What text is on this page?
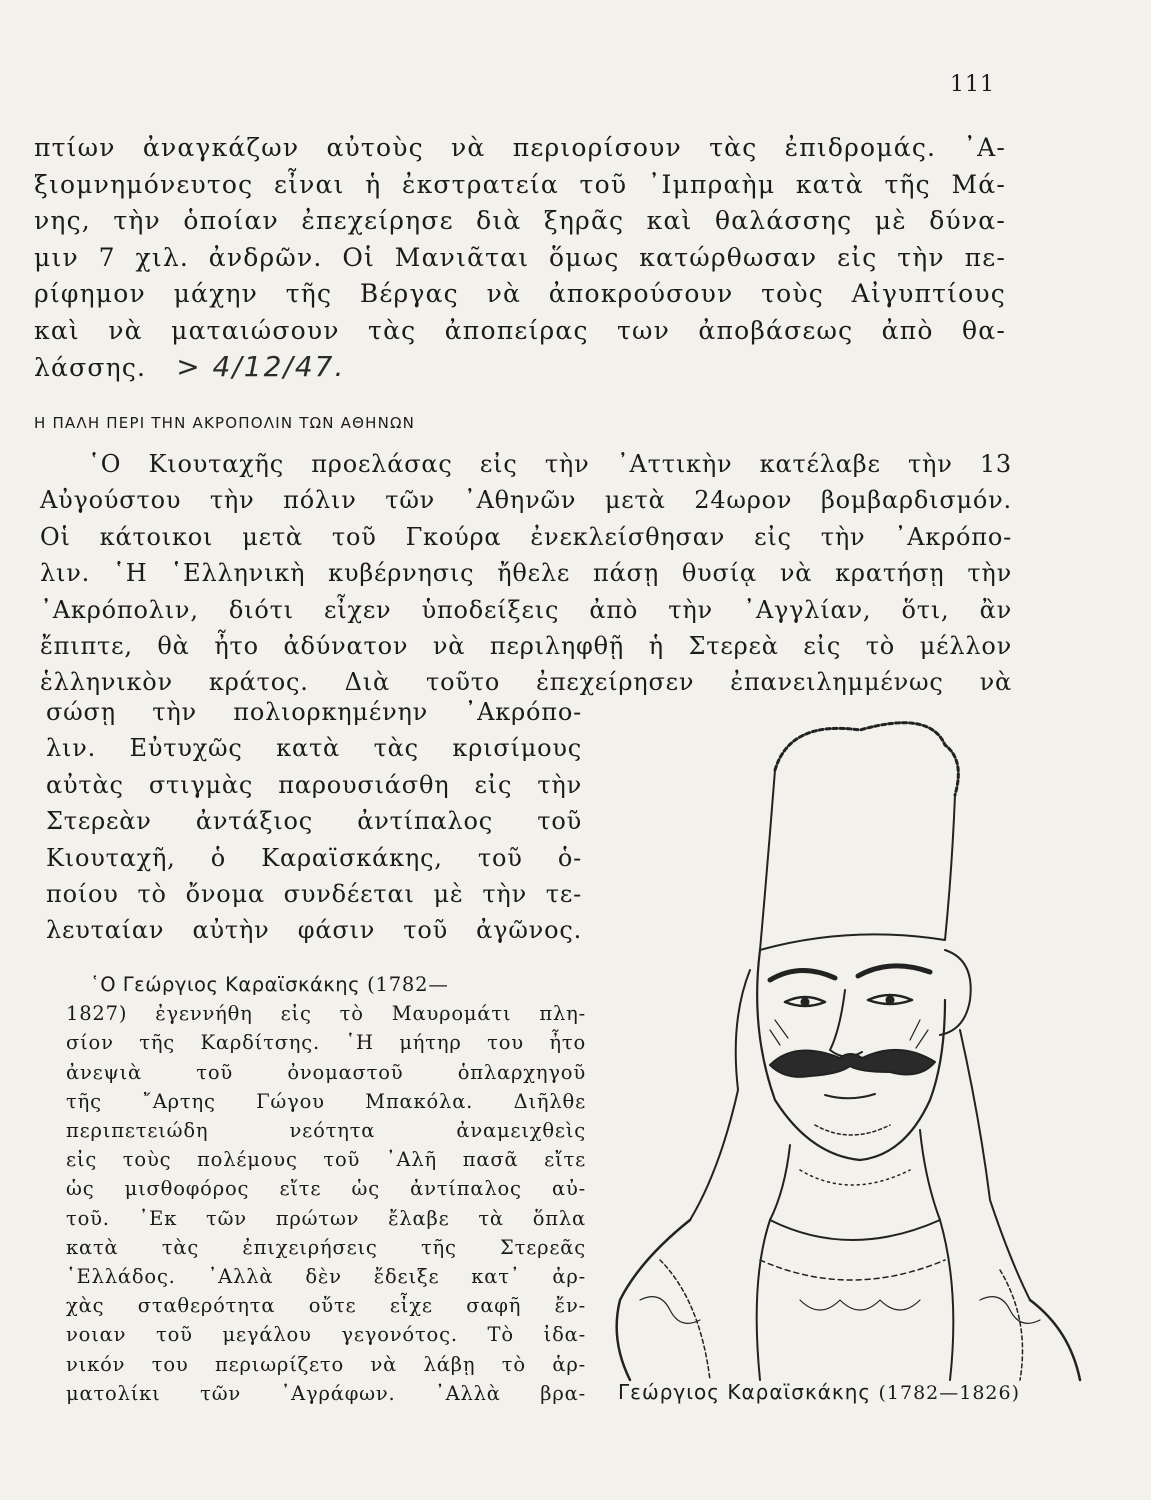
111
πτίων ἀναγκάζων αὐτοὺς νὰ περιορίσουν τὰς ἐπιδρομάς. ᾿Α-
ξιομνημόνευτος εἶναι ἡ ἐκστρατεία τοῦ ᾿Ιμπραὴμ κατὰ τῆς Μά-
νης, τὴν ὁποίαν ἐπεχείρησε διὰ ξηρᾶς καὶ θαλάσσης μὲ δύνα-
μιν 7 χιλ. ἀνδρῶν. Οἱ Μανιᾶται ὅμως κατώρθωσαν εἰς τὴν πε-
ρίφημον μάχην τῆς Βέργας νὰ ἀποκρούσουν τοὺς Αἰγυπτίους
καὶ νὰ ματαιώσουν τὰς ἀποπείρας των ἀποβάσεως ἀπὸ θα-
λάσσης. > 4/12/47.
Η ΠΑΛΗ ΠΕΡΙ ΤΗΝ ΑΚΡΟΠΟΛΙΝ ΤΩΝ ΑΘΗΝΩΝ
῾Ο Κιουταχῆς προελάσας εἰς τὴν ᾿Αττικὴν κατέλαβε τὴν 13
Αὐγούστου τὴν πόλιν τῶν ᾿Αθηνῶν μετὰ 24ωρον βομβαρδισμόν.
Οἱ κάτοικοι μετὰ τοῦ Γκούρα ἐνεκλείσθησαν εἰς τὴν ᾿Ακρόπο-
λιν. ῾Η ῾Ελληνικὴ κυβέρνησις ἤθελε πάσῃ θυσίᾳ νὰ κρατήσῃ τὴν
᾿Ακρόπολιν, διότι εἶχεν ὑποδείξεις ἀπὸ τὴν ᾿Αγγλίαν, ὅτι, ἂν
ἔπιπτε, θὰ ἦτο ἀδύνατον νὰ περιληφθῇ ἡ Στερεὰ εἰς τὸ μέλλον
ἑλληνικὸν κράτος. Διὰ τοῦτο ἐπεχείρησεν ἐπανειλημμένως νὰ
σώσῃ τὴν πολιορκημένην ᾿Ακρόπο-
λιν. Εὐτυχῶς κατὰ τὰς κρισίμους
αὐτὰς στιγμὰς παρουσιάσθη εἰς τὴν
Στερεὰν ἀντάξιος ἀντίπαλος τοῦ
Κιουταχῆ, ὁ Καραϊσκάκης, τοῦ ὁ-
ποίου τὸ ὄνομα συνδέεται μὲ τὴν τε-
λευταίαν αὐτὴν φάσιν τοῦ ἀγῶνος.
῾Ο Γεώργιος Καραϊσκάκης (1782—
1827) ἐγεννήθη εἰς τὸ Μαυρομάτι πλη-
σίον τῆς Καρδίτσης. ῾Η μήτηρ του ἦτο
ἀνεψιὰ τοῦ ὀνομαστοῦ ὁπλαρχηγοῦ
τῆς ῎Αρτης Γώγου Μπακόλα. Διῆλθε
περιπετειώδη νεότητα ἀναμειχθεὶς
εἰς τοὺς πολέμους τοῦ ᾿Αλῆ πασᾶ εἴτε
ὡς μισθοφόρος εἴτε ὡς ἀντίπαλος αὐ-
τοῦ. ᾿Εκ τῶν πρώτων ἔλαβε τὰ ὅπλα
κατὰ τὰς ἐπιχειρήσεις τῆς Στερεᾶς
῾Ελλάδος. ᾿Αλλὰ δὲν ἔδειξε κατ᾿ ἀρ-
χὰς σταθερότητα οὔτε εἶχε σαφῆ ἔν-
νοιαν τοῦ μεγάλου γεγονότος. Τὸ ἰδα-
νικόν του περιωρίζετο νὰ λάβῃ τὸ ἁρ-
ματολίκι τῶν ᾿Αγράφων. ᾿Αλλὰ βρα- Γεώργιος Καραϊσκάκης (1782—1826)
